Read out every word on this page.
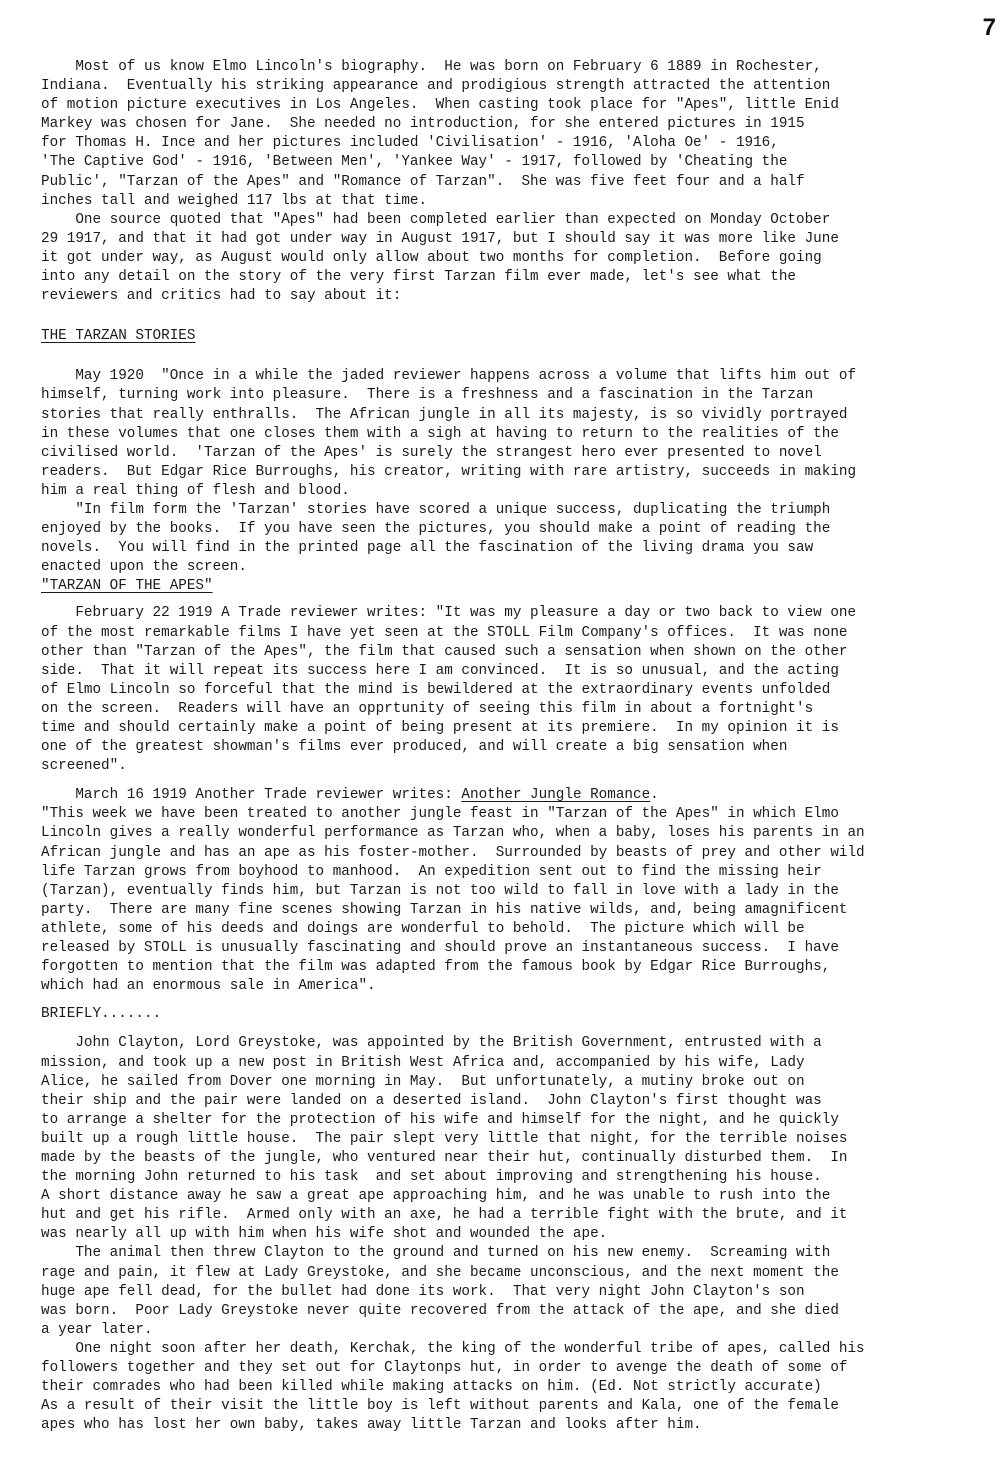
7
Most of us know Elmo Lincoln's biography.  He was born on February 6 1889 in Rochester,
Indiana.  Eventually his striking appearance and prodigious strength attracted the attention
of motion picture executives in Los Angeles.  When casting took place for "Apes", little Enid
Markey was chosen for Jane.  She needed no introduction, for she entered pictures in 1915
for Thomas H. Ince and her pictures included 'Civilisation' - 1916, 'Aloha Oe' - 1916,
'The Captive God' - 1916, 'Between Men', 'Yankee Way' - 1917, followed by 'Cheating the
Public', "Tarzan of the Apes" and "Romance of Tarzan".  She was five feet four and a half
inches tall and weighed 117 lbs at that time.
One source quoted that "Apes" had been completed earlier than expected on Monday October
29 1917, and that it had got under way in August 1917, but I should say it was more like June
it got under way, as August would only allow about two months for completion.  Before going
into any detail on the story of the very first Tarzan film ever made, let's see what the
reviewers and critics had to say about it:
THE TARZAN STORIES
May 1920  "Once in a while the jaded reviewer happens across a volume that lifts him out of
himself, turning work into pleasure.  There is a freshness and a fascination in the Tarzan
stories that really enthralls.  The African jungle in all its majesty, is so vividly portrayed
in these volumes that one closes them with a sigh at having to return to the realities of the
civilised world.  'Tarzan of the Apes' is surely the strangest hero ever presented to novel
readers.  But Edgar Rice Burroughs, his creator, writing with rare artistry, succeeds in making
him a real thing of flesh and blood.
"In film form the 'Tarzan' stories have scored a unique success, duplicating the triumph
enjoyed by the books.  If you have seen the pictures, you should make a point of reading the
novels.  You will find in the printed page all the fascination of the living drama you saw
enacted upon the screen.
"TARZAN OF THE APES"
February 22 1919 A Trade reviewer writes: "It was my pleasure a day or two back to view one
of the most remarkable films I have yet seen at the STOLL Film Company's offices.  It was none
other than "Tarzan of the Apes", the film that caused such a sensation when shown on the other
side.  That it will repeat its success here I am convinced.  It is so unusual, and the acting
of Elmo Lincoln so forceful that the mind is bewildered at the extraordinary events unfolded
on the screen.  Readers will have an opprtunity of seeing this film in about a fortnight's
time and should certainly make a point of being present at its premiere.  In my opinion it is
one of the greatest showman's films ever produced, and will create a big sensation when
screened".
March 16 1919 Another Trade reviewer writes: Another Jungle Romance.
"This week we have been treated to another jungle feast in "Tarzan of the Apes" in which Elmo
Lincoln gives a really wonderful performance as Tarzan who, when a baby, loses his parents in an
African jungle and has an ape as his foster-mother.  Surrounded by beasts of prey and other wild
life Tarzan grows from boyhood to manhood.  An expedition sent out to find the missing heir
(Tarzan), eventually finds him, but Tarzan is not too wild to fall in love with a lady in the
party.  There are many fine scenes showing Tarzan in his native wilds, and, being amagnificent
athlete, some of his deeds and doings are wonderful to behold.  The picture which will be
released by STOLL is unusually fascinating and should prove an instantaneous success.  I have
forgotten to mention that the film was adapted from the famous book by Edgar Rice Burroughs,
which had an enormous sale in America".
BRIEFLY.......
John Clayton, Lord Greystoke, was appointed by the British Government, entrusted with a
mission, and took up a new post in British West Africa and, accompanied by his wife, Lady
Alice, he sailed from Dover one morning in May.  But unfortunately, a mutiny broke out on
their ship and the pair were landed on a deserted island.  John Clayton's first thought was
to arrange a shelter for the protection of his wife and himself for the night, and he quickly
built up a rough little house.  The pair slept very little that night, for the terrible noises
made by the beasts of the jungle, who ventured near their hut, continually disturbed them.  In
the morning John returned to his task  and set about improving and strengthening his house.
A short distance away he saw a great ape approaching him, and he was unable to rush into the
hut and get his rifle.  Armed only with an axe, he had a terrible fight with the brute, and it
was nearly all up with him when his wife shot and wounded the ape.
The animal then threw Clayton to the ground and turned on his new enemy.  Screaming with
rage and pain, it flew at Lady Greystoke, and she became unconscious, and the next moment the
huge ape fell dead, for the bullet had done its work.  That very night John Clayton's son
was born.  Poor Lady Greystoke never quite recovered from the attack of the ape, and she died
a year later.
One night soon after her death, Kerchak, the king of the wonderful tribe of apes, called his
followers together and they set out for Claytonps hut, in order to avenge the death of some of
their comrades who had been killed while making attacks on him. (Ed. Not strictly accurate)
As a result of their visit the little boy is left without parents and Kala, one of the female
apes who has lost her own baby, takes away little Tarzan and looks after him.
